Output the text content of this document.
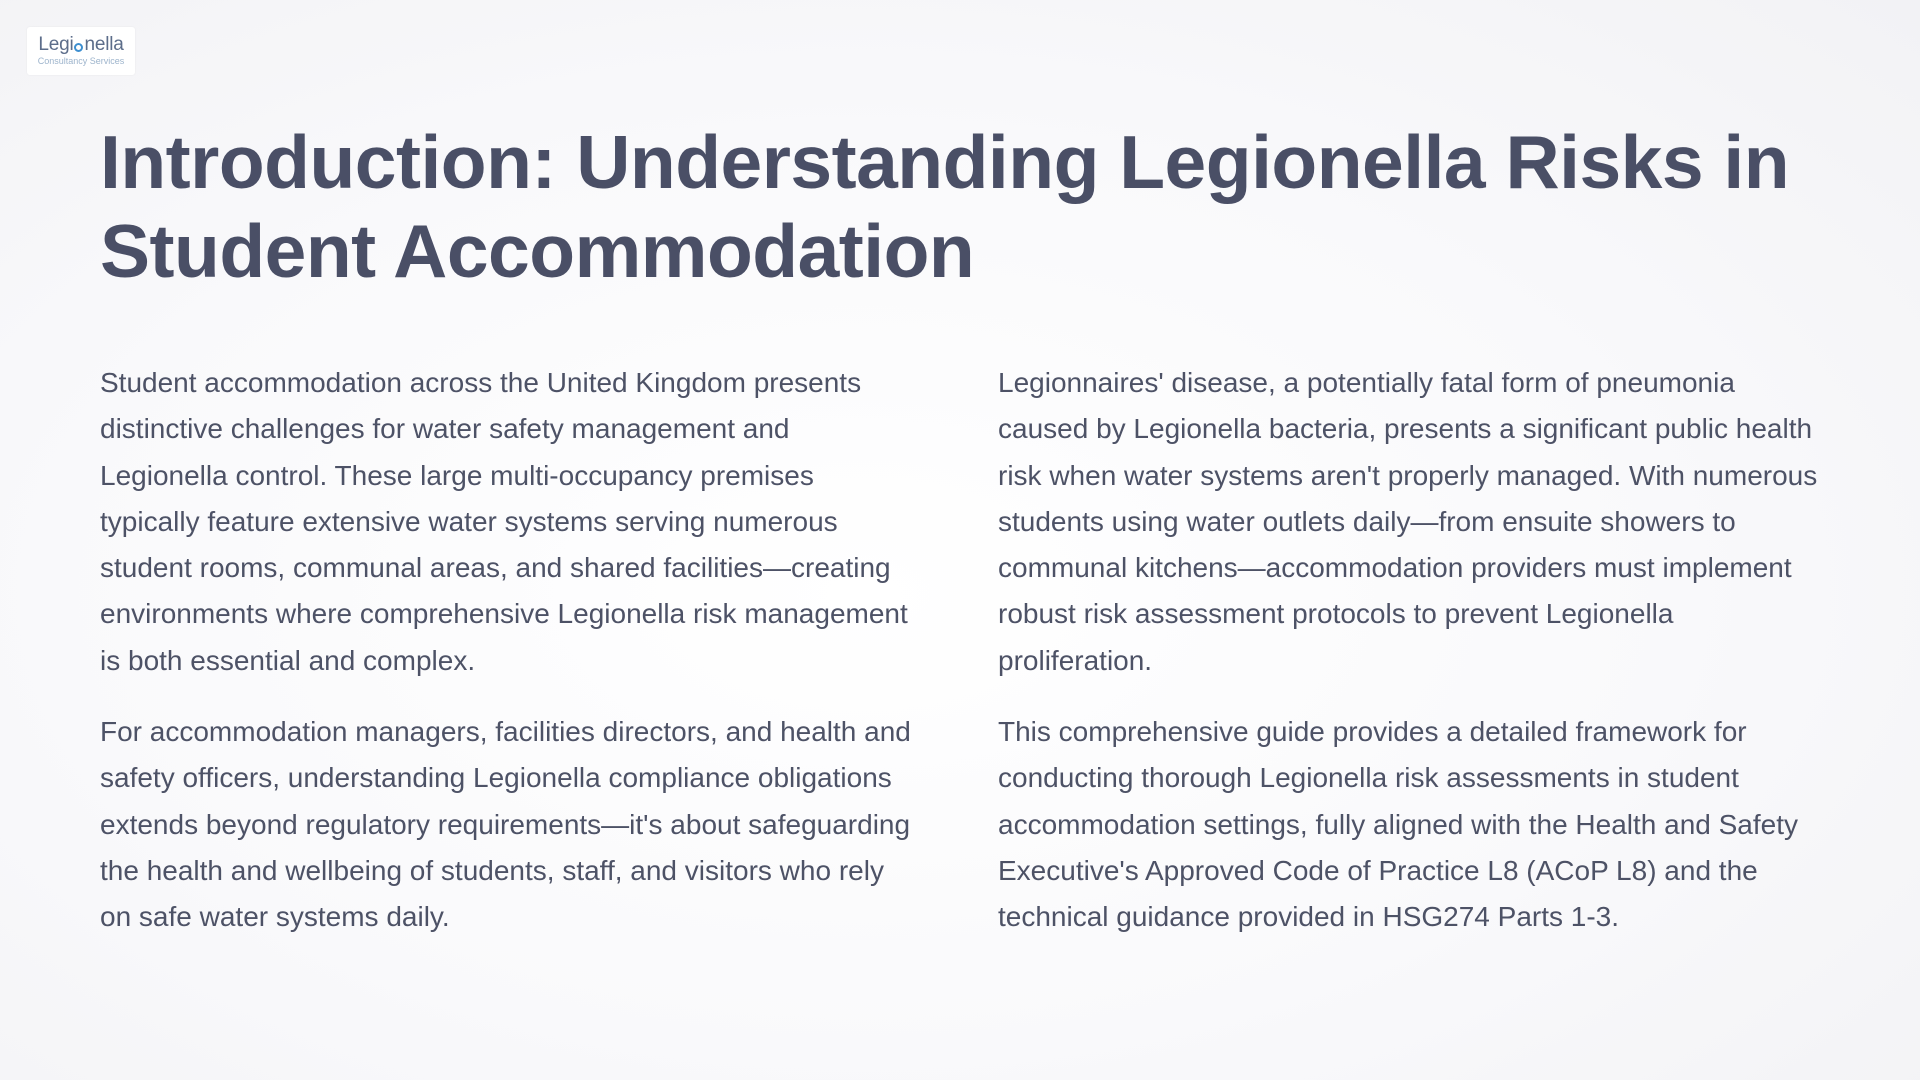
Legi nella
Consultancy Services
Introduction: Understanding Legionella Risks in Student Accommodation

Student accommodation across the United Kingdom presents distinctive challenges for water safety management and Legionella control. These large multi-occupancy premises typically feature extensive water systems serving numerous student rooms, communal areas, and shared facilities—creating environments where comprehensive Legionella risk management is both essential and complex.

For accommodation managers, facilities directors, and health and safety officers, understanding Legionella compliance obligations extends beyond regulatory requirements—it's about safeguarding the health and wellbeing of students, staff, and visitors who rely on safe water systems daily.

Legionnaires' disease, a potentially fatal form of pneumonia caused by Legionella bacteria, presents a significant public health risk when water systems aren't properly managed. With numerous students using water outlets daily—from ensuite showers to communal kitchens—accommodation providers must implement robust risk assessment protocols to prevent Legionella proliferation.

This comprehensive guide provides a detailed framework for conducting thorough Legionella risk assessments in student accommodation settings, fully aligned with the Health and Safety Executive's Approved Code of Practice L8 (ACoP L8) and the technical guidance provided in HSG274 Parts 1-3.
